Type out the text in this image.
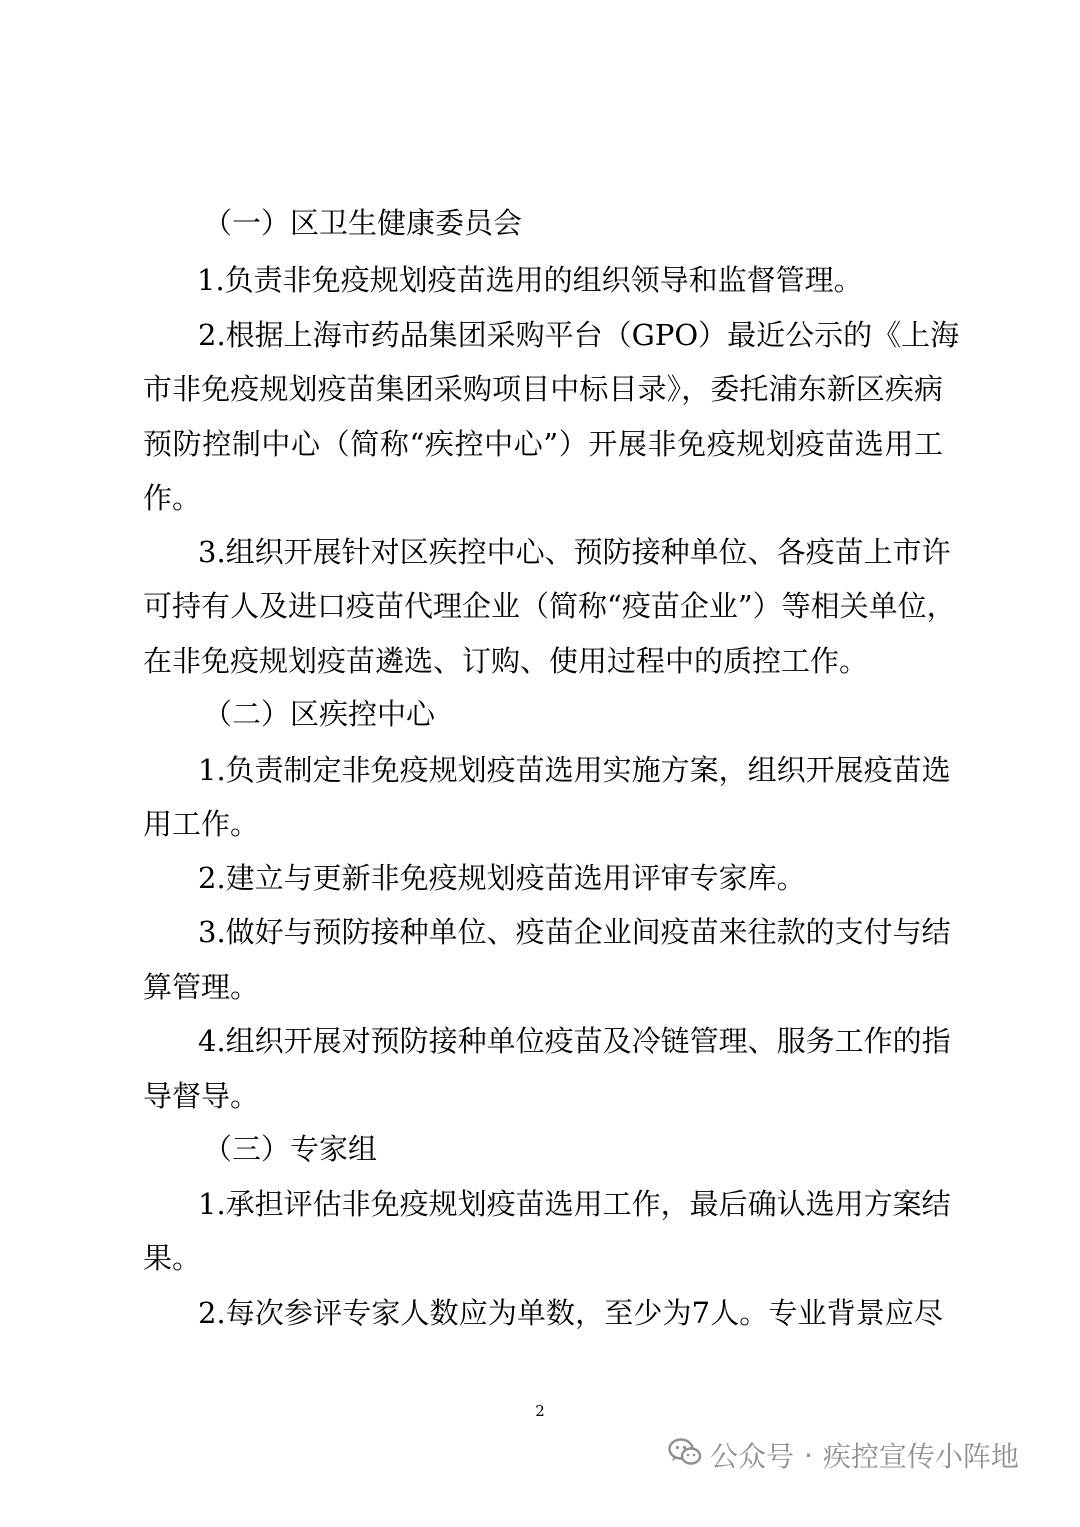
（一）区卫生健康委员会
1.负责非免疫规划疫苗选用的组织领导和监督管理。
2.根据上海市药品集团采购平台（GPO）最近公示的《上海
市非免疫规划疫苗集团采购项目中标目录》，委托浦东新区疾病
预防控制中心（简称“疾控中心”）开展非免疫规划疫苗选用工
作。
3.组织开展针对区疾控中心、预防接种单位、各疫苗上市许
可持有人及进口疫苗代理企业（简称“疫苗企业”）等相关单位，
在非免疫规划疫苗遴选、订购、使用过程中的质控工作。
（二）区疾控中心
1.负责制定非免疫规划疫苗选用实施方案，组织开展疫苗选
用工作。
2.建立与更新非免疫规划疫苗选用评审专家库。
3.做好与预防接种单位、疫苗企业间疫苗来往款的支付与结
算管理。
4.组织开展对预防接种单位疫苗及冷链管理、服务工作的指
导督导。
（三）专家组
1.承担评估非免疫规划疫苗选用工作，最后确认选用方案结
果。
2.每次参评专家人数应为单数，至少为7人。专业背景应尽
2
公众号 · 疾控宣传小阵地
